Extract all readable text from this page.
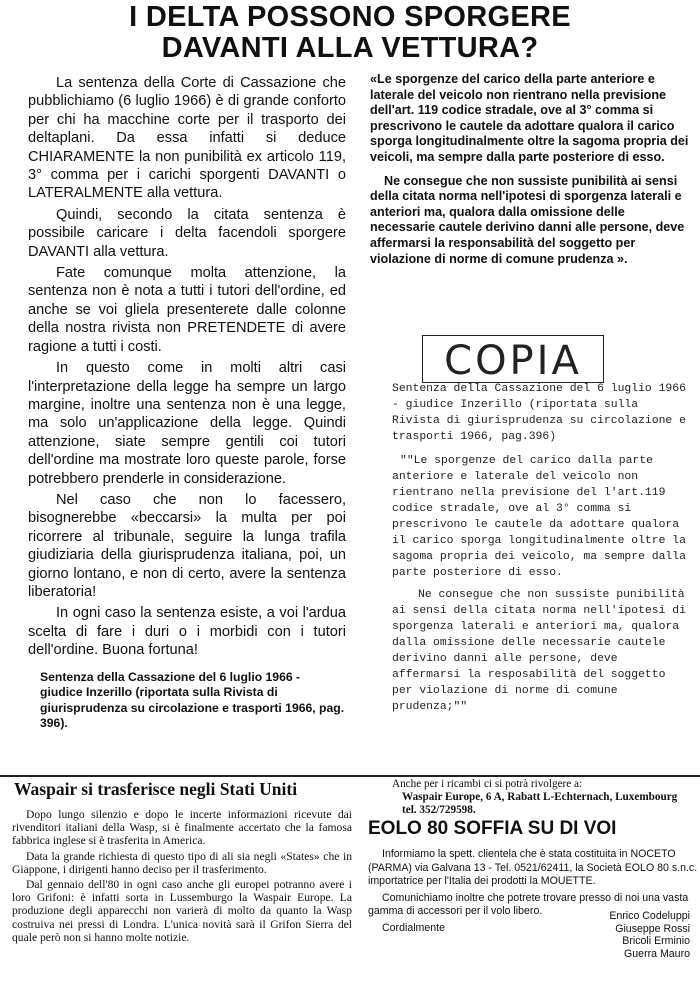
I DELTA POSSONO SPORGERE
DAVANTI ALLA VETTURA?

La sentenza della Corte di Cassazione che pubblichiamo (6 luglio 1966) è di grande conforto per chi ha macchine corte per il trasporto dei deltaplani. Da essa infatti si deduce CHIARAMENTE la non punibilità ex articolo 119, 3° comma per i carichi sporgenti DAVANTI o LATERALMENTE alla vettura.

Quindi, secondo la citata sentenza è possibile caricare i delta facendoli sporgere DAVANTI alla vettura.

Fate comunque molta attenzione, la sentenza non è nota a tutti i tutori dell'ordine, ed anche se voi gliela presenterete dalle colonne della nostra rivista non PRETENDETE di avere ragione a tutti i costi.

In questo come in molti altri casi l'interpretazione della legge ha sempre un largo margine, inoltre una sentenza non è una legge, ma solo un'applicazione della legge. Quindi attenzione, siate sempre gentili coi tutori dell'ordine ma mostrate loro queste parole, forse potrebbero prenderle in considerazione.

Nel caso che non lo facessero, bisognerebbe «beccarsi» la multa per poi ricorrere al tribunale, seguire la lunga trafila giudiziaria della giurisprudenza italiana, poi, un giorno lontano, e non di certo, avere la sentenza liberatoria!

In ogni caso la sentenza esiste, a voi l'ardua scelta di fare i duri o i morbidi con i tutori dell'ordine. Buona fortuna!

Sentenza della Cassazione del 6 luglio 1966 - giudice Inzerillo (riportata sulla Rivista di giurisprudenza su circolazione e trasporti 1966, pag. 396).

«Le sporgenze del carico della parte anteriore e laterale del veicolo non rientrano nella previsione dell'art. 119 codice stradale, ove al 3° comma si prescrivono le cautele da adottare qualora il carico sporga longitudinalmente oltre la sagoma propria dei veicoli, ma sempre dalla parte posteriore di esso.

Ne consegue che non sussiste punibilità ai sensi della citata norma nell'ipotesi di sporgenza laterali e anteriori ma, qualora dalla omissione delle necessarie cautele derivino danni alle persone, deve affermarsi la responsabilità del soggetto per violazione di norme di comune prudenza ».

COPIA
Sentenza della Cassazione del 6 luglio 1966 - giudice Inzerillo (riportata sulla Rivista di giurisprudenza su circolazione e trasporti 1966, pag.396)
""Le sporgenze del carico dalla parte anteriore e laterale del veicolo non rientrano nella previsione del l'art.119 codice stradale, ove al 3° comma si prescrivono le cautele da adottare qualora il carico sporga longitudinalmente oltre la sagoma propria dei veicolo, ma sempre dalla parte posteriore di esso.
Ne consegue che non sussiste punibilità ai sensi della citata norma nell'ipotesi di sporgenza laterali e anteriori ma, qualora dalla omissione delle necessarie cautele derivino danni alle persone, deve affermarsi la resposabilità del soggetto per violazione di norme di comune prudenza;""
Waspair si trasferisce negli Stati Uniti

Dopo lungo silenzio e dopo le incerte informazioni ricevute dai rivenditori italiani della Wasp, si è finalmente accertato che la famosa fabbrica inglese si è trasferita in America.

Data la grande richiesta di questo tipo di ali sia negli «States» che in Giappone, i dirigenti hanno deciso per il trasferimento.

Dal gennaio dell'80 in ogni caso anche gli europei potranno avere i loro Grifoni: è infatti sorta in Lussemburgo la Waspair Europe. La produzione degli apparecchi non varierà di molto da quanto la Wasp costruiva nei pressi di Londra. L'unica novità sarà il Grifon Sierra del quale però non si hanno molte notizie.

Anche per i ricambi ci si potrà rivolgere a:
Waspair Europe, 6 A, Rabatt L-Echternach, Luxembourg
tel. 352/729598.
EOLO 80 SOFFIA SU DI VOI

Informiamo la spett. clientela che è stata costituita in NOCETO (PARMA) via Galvana 13 - Tel. 0521/62411, la Società EOLO 80 s.n.c. importatrice per l'Italia dei prodotti la MOUETTE.

Comunichiamo inoltre che potrete trovare presso di noi una vasta gamma di accessori per il volo libero.

Cordialmente

Enrico Codeluppi
Giuseppe Rossi
Bricoli Erminio
Guerra Mauro
